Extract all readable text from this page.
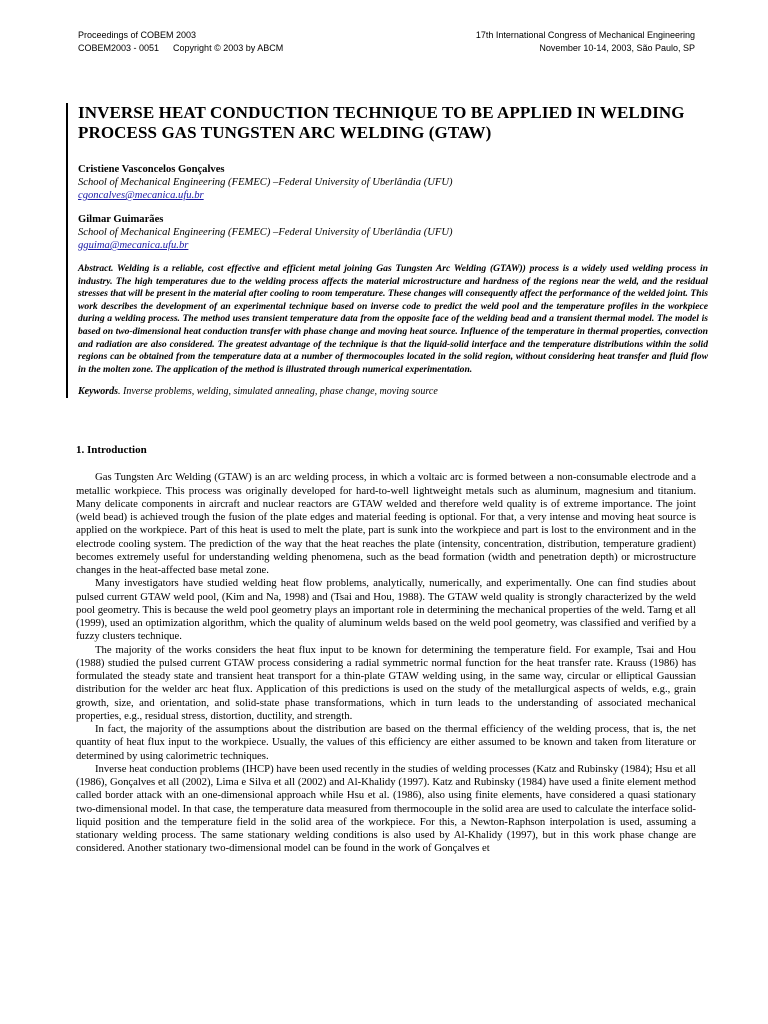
Proceedings of COBEM 2003	17th International Congress of Mechanical Engineering
COBEM2003 - 0051 Copyright © 2003 by ABCM	November 10-14, 2003, São Paulo, SP
INVERSE HEAT CONDUCTION TECHNIQUE TO BE APPLIED IN WELDING PROCESS GAS TUNGSTEN ARC WELDING (GTAW)
Cristiene Vasconcelos Gonçalves
School of Mechanical Engineering (FEMEC) –Federal University of Uberlândia (UFU)
cgoncalves@mecanica.ufu.br
Gilmar Guimarães
School of Mechanical Engineering (FEMEC) –Federal University of Uberlândia (UFU)
gguima@mecanica.ufu.br

Abstract. Welding is a reliable, cost effective and efficient metal joining Gas Tungsten Arc Welding (GTAW)) process is a widely used welding process in industry. The high temperatures due to the welding process affects the material microstructure and hardness of the regions near the weld, and the residual stresses that will be present in the material after cooling to room temperature. These changes will consequently affect the performance of the welded joint. This work describes the development of an experimental technique based on inverse code to predict the weld pool and the temperature profiles in the workpiece during a welding process. The method uses transient temperature data from the opposite face of the welding bead and a transient thermal model. The model is based on two-dimensional heat conduction transfer with phase change and moving heat source. Influence of the temperature in thermal properties, convection and radiation are also considered. The greatest advantage of the technique is that the liquid-solid interface and the temperature distributions within the solid regions can be obtained from the temperature data at a number of thermocouples located in the solid region, without considering heat transfer and fluid flow in the molten zone. The application of the method is illustrated through numerical experimentation.

Keywords. Inverse problems, welding, simulated annealing, phase change, moving source
1. Introduction

Gas Tungsten Arc Welding (GTAW) is an arc welding process, in which a voltaic arc is formed between a non-consumable electrode and a metallic workpiece. This process was originally developed for hard-to-well lightweight metals such as aluminum, magnesium and titanium. Many delicate components in aircraft and nuclear reactors are GTAW welded and therefore weld quality is of extreme importance. The joint (weld bead) is achieved trough the fusion of the plate edges and material feeding is optional. For that, a very intense and moving heat source is applied on the workpiece. Part of this heat is used to melt the plate, part is sunk into the workpiece and part is lost to the environment and in the electrode cooling system. The prediction of the way that the heat reaches the plate (intensity, concentration, distribution, temperature gradient) becomes extremely useful for understanding welding phenomena, such as the bead formation (width and penetration depth) or microstructure changes in the heat-affected base metal zone.

Many investigators have studied welding heat flow problems, analytically, numerically, and experimentally. One can find studies about pulsed current GTAW weld pool, (Kim and Na, 1998) and (Tsai and Hou, 1988). The GTAW weld quality is strongly characterized by the weld pool geometry. This is because the weld pool geometry plays an important role in determining the mechanical properties of the weld. Tarng et all (1999), used an optimization algorithm, which the quality of aluminum welds based on the weld pool geometry, was classified and verified by a fuzzy clusters technique.

The majority of the works considers the heat flux input to be known for determining the temperature field. For example, Tsai and Hou (1988) studied the pulsed current GTAW process considering a radial symmetric normal function for the heat transfer rate. Krauss (1986) has formulated the steady state and transient heat transport for a thin-plate GTAW welding using, in the same way, circular or elliptical Gaussian distribution for the welder arc heat flux. Application of this predictions is used on the study of the metallurgical aspects of welds, e.g., grain growth, size, and orientation, and solid-state phase transformations, which in turn leads to the understanding of associated mechanical properties, e.g., residual stress, distortion, ductility, and strength.

In fact, the majority of the assumptions about the distribution are based on the thermal efficiency of the welding process, that is, the net quantity of heat flux input to the workpiece. Usually, the values of this efficiency are either assumed to be known and taken from literature or determined by using calorimetric techniques.

Inverse heat conduction problems (IHCP) have been used recently in the studies of welding processes (Katz and Rubinsky (1984); Hsu et all (1986), Gonçalves et all (2002), Lima e Silva et all (2002) and Al-Khalidy (1997). Katz and Rubinsky (1984) have used a finite element method called border attack with an one-dimensional approach while Hsu et al. (1986), also using finite elements, have considered a quasi stationary two-dimensional model. In that case, the temperature data measured from thermocouple in the solid area are used to calculate the interface solid-liquid position and the temperature field in the solid area of the workpiece. For this, a Newton-Raphson interpolation is used, assuming a stationary welding process. The same stationary welding conditions is also used by Al-Khalidy (1997), but in this work phase change are considered. Another stationary two-dimensional model can be found in the work of Gonçalves et
